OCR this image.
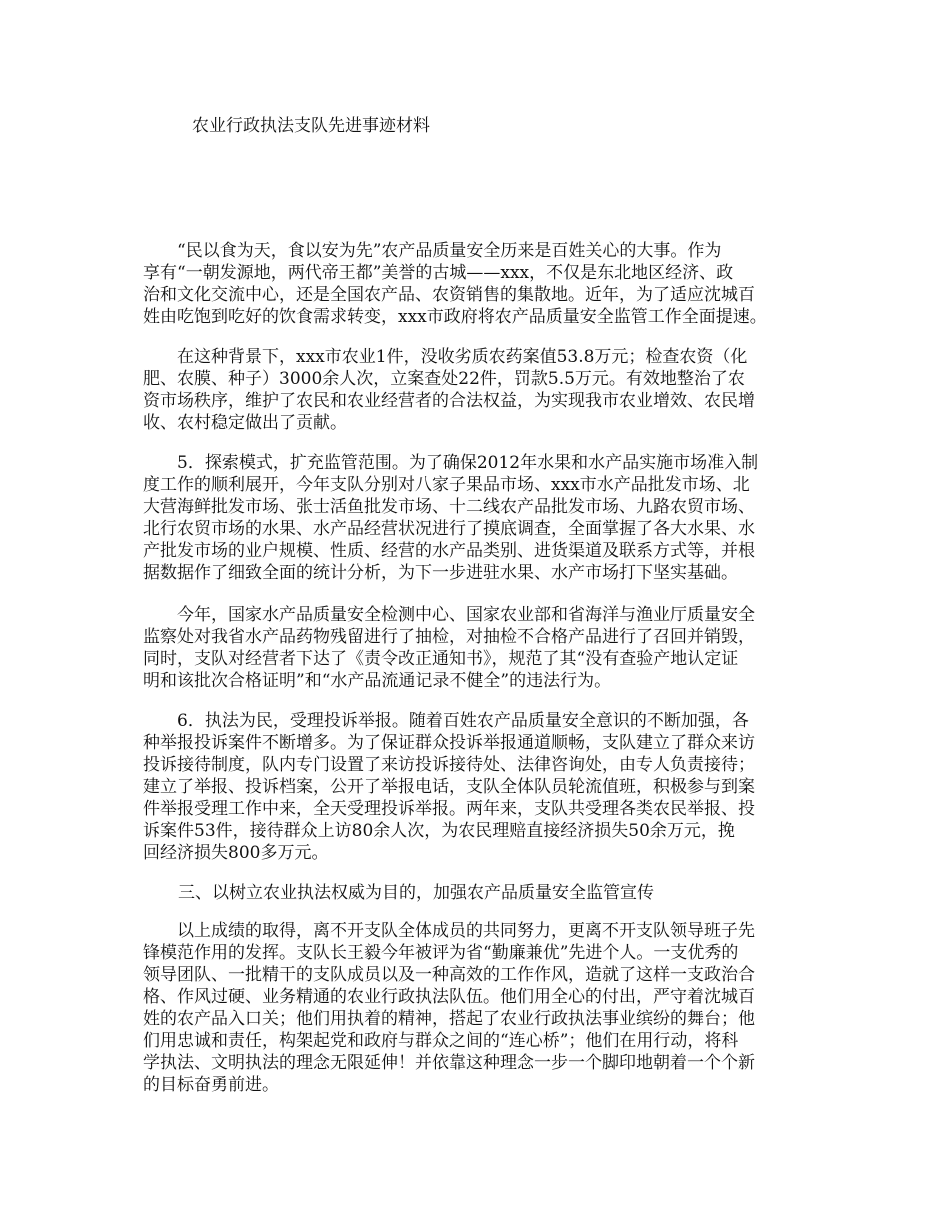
农业行政执法支队先进事迹材料

“民以食为天，食以安为先”农产品质量安全历来是百姓关心的大事。作为
享有“一朝发源地，两代帝王都”美誉的古城——xxx，不仅是东北地区经济、政
治和文化交流中心，还是全国农产品、农资销售的集散地。近年，为了适应沈城百
姓由吃饱到吃好的饮食需求转变，xxx市政府将农产品质量安全监管工作全面提速。

在这种背景下，xxx市农业1件，没收劣质农药案值53.8万元；检查农资（化
肥、农膜、种子）3000余人次，立案查处22件，罚款5.5万元。有效地整治了农
资市场秩序，维护了农民和农业经营者的合法权益，为实现我市农业增效、农民增
收、农村稳定做出了贡献。

5．探索模式，扩充监管范围。为了确保2012年水果和水产品实施市场准入制
度工作的顺利展开，今年支队分别对八家子果品市场、xxx市水产品批发市场、北
大营海鲜批发市场、张士活鱼批发市场、十二线农产品批发市场、九路农贸市场、
北行农贸市场的水果、水产品经营状况进行了摸底调查，全面掌握了各大水果、水
产批发市场的业户规模、性质、经营的水产品类别、进货渠道及联系方式等，并根
据数据作了细致全面的统计分析，为下一步进驻水果、水产市场打下坚实基础。

今年，国家水产品质量安全检测中心、国家农业部和省海洋与渔业厅质量安全
监察处对我省水产品药物残留进行了抽检，对抽检不合格产品进行了召回并销毁，
同时，支队对经营者下达了《责令改正通知书》，规范了其“没有查验产地认定证
明和该批次合格证明”和“水产品流通记录不健全”的违法行为。

6．执法为民，受理投诉举报。随着百姓农产品质量安全意识的不断加强，各
种举报投诉案件不断增多。为了保证群众投诉举报通道顺畅，支队建立了群众来访
投诉接待制度，队内专门设置了来访投诉接待处、法律咨询处，由专人负责接待；
建立了举报、投诉档案，公开了举报电话，支队全体队员轮流值班，积极参与到案
件举报受理工作中来，全天受理投诉举报。两年来，支队共受理各类农民举报、投
诉案件53件，接待群众上访80余人次，为农民理赔直接经济损失50余万元，挽
回经济损失800多万元。

三、以树立农业执法权威为目的，加强农产品质量安全监管宣传

以上成绩的取得，离不开支队全体成员的共同努力，更离不开支队领导班子先
锋模范作用的发挥。支队长王毅今年被评为省“勤廉兼优”先进个人。一支优秀的
领导团队、一批精干的支队成员以及一种高效的工作作风，造就了这样一支政治合
格、作风过硬、业务精通的农业行政执法队伍。他们用全心的付出，严守着沈城百
姓的农产品入口关；他们用执着的精神，搭起了农业行政执法事业缤纷的舞台；他
们用忠诚和责任，构架起党和政府与群众之间的“连心桥”；他们在用行动，将科
学执法、文明执法的理念无限延伸！并依靠这种理念一步一个脚印地朝着一个个新
的目标奋勇前进。
